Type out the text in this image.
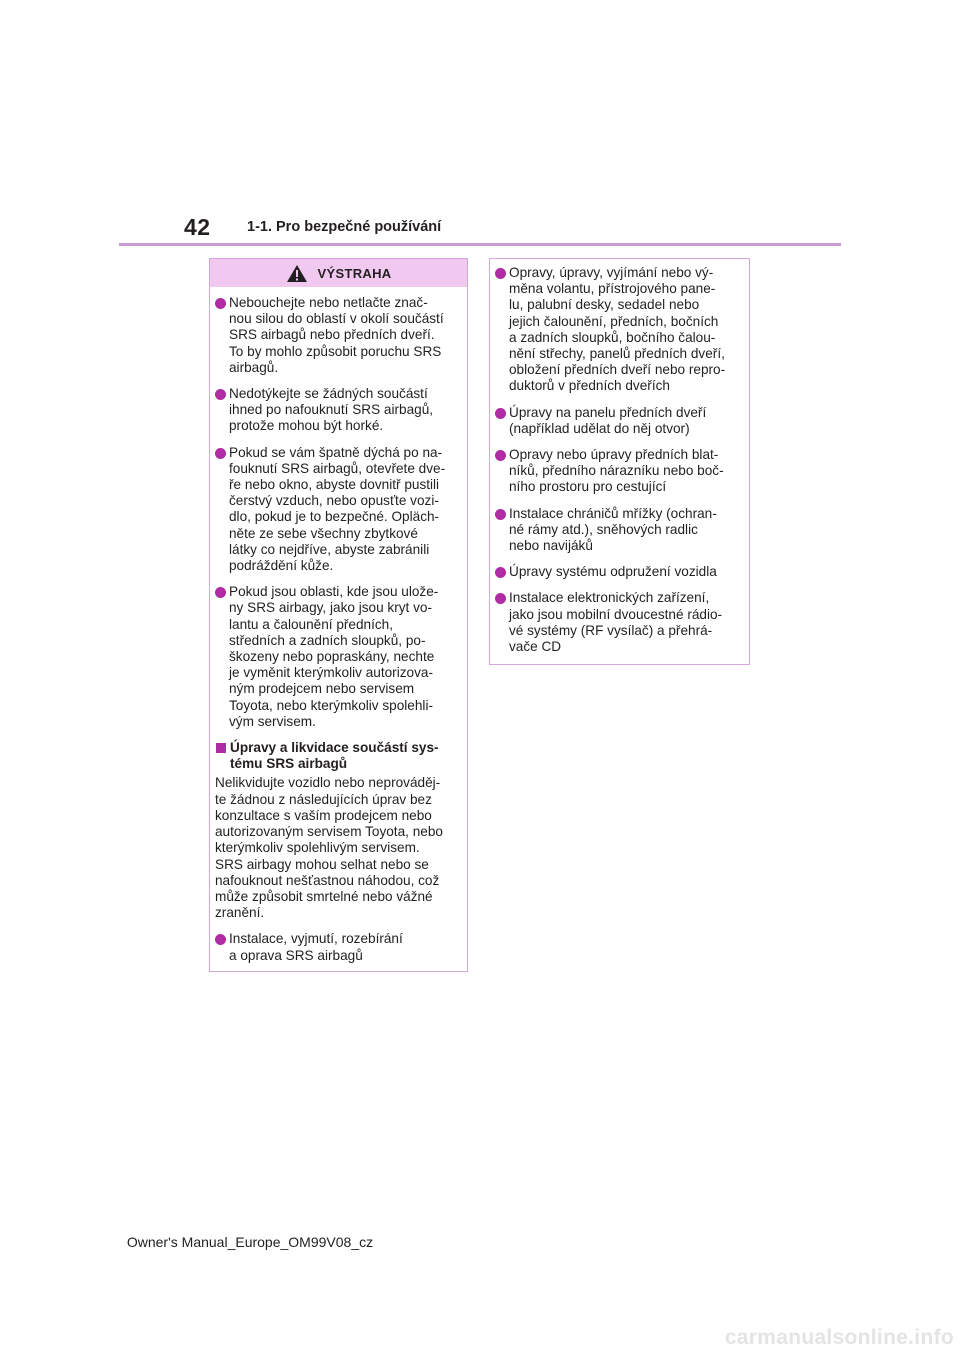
42	1-1. Pro bezpečné používání
VÝSTRAHA
Nebouchejte nebo netlačte znač-
nou silou do oblastí v okolí součástí
SRS airbagů nebo předních dveří.
To by mohlo způsobit poruchu SRS
airbagů.
Nedotýkejte se žádných součástí
ihned po nafouknutí SRS airbagů,
protože mohou být horké.
Pokud se vám špatně dýchá po na-
fouknutí SRS airbagů, otevřete dve-
ře nebo okno, abyste dovnitř pustili
čerstvý vzduch, nebo opusťte vozi-
dlo, pokud je to bezpečné. Opläch-
něte ze sebe všechny zbytkové
látky co nejdříve, abyste zabránili
podráždění kůže.
Pokud jsou oblasti, kde jsou ulože-
ny SRS airbagy, jako jsou kryt vo-
lantu a čalounění předních,
středních a zadních sloupků, po-
škozeny nebo popraskány, nechte
je vyměnit kterýmkoliv autorizova-
ným prodejcem nebo servisem
Toyota, nebo kterýmkoliv spolehli-
vým servisem.
Úpravy a likvidace součástí sys-
tému SRS airbagů

Nelikvidujte vozidlo nebo neprováděj-
te žádnou z následujících úprav bez
konzultace s vaším prodejcem nebo
autorizovaným servisem Toyota, nebo
kterýmkoliv spolehlivým servisem.
SRS airbagy mohou selhat nebo se
nafouknout nešťastnou náhodou, což
může způsobit smrtelné nebo vážné
zranění.

Instalace, vyjmutí, rozebírání
a oprava SRS airbagů
Opravy, úpravy, vyjímání nebo vý-
měna volantu, přístrojového pane-
lu, palubní desky, sedadel nebo
jejich čalounění, předních, bočních
a zadních sloupků, bočního čalou-
nění střechy, panelů předních dveří,
obložení předních dveří nebo repro-
duktorů v předních dveřích
Úpravy na panelu předních dveří
(například udělat do něj otvor)
Opravy nebo úpravy předních blat-
níků, předního nárazníku nebo boč-
ního prostoru pro cestující
Instalace chráničů mřížky (ochran-
né rámy atd.), sněhových radlic
nebo navijáků
Úpravy systému odpružení vozidla
Instalace elektronických zařízení,
jako jsou mobilní dvoucestné rádio-
vé systémy (RF vysílač) a přehrá-
vače CD
Owner's Manual_Europe_OM99V08_cz
carmanualsonline.info
